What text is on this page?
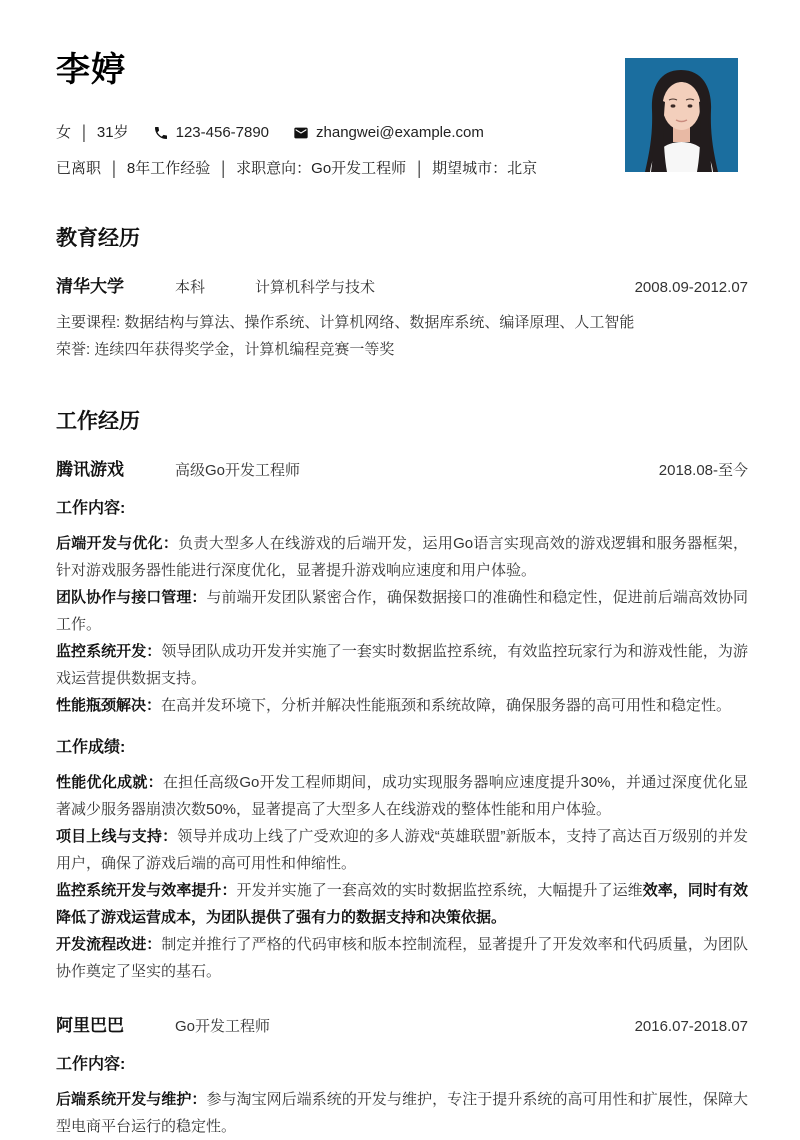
李婷
女 | 31岁	123-456-7890	zhangwei@example.com
已离职 | 8年工作经验 | 求职意向：Go开发工程师 | 期望城市：北京
教育经历
清华大学	本科	计算机科学与技术	2008.09-2012.07

主要课程: 数据结构与算法、操作系统、计算机网络、数据库系统、编译原理、人工智能

荣誉: 连续四年获得奖学金，计算机编程竞赛一等奖

工作经历
腾讯游戏	高级Go开发工程师	2018.08-至今
工作内容:

后端开发与优化：负责大型多人在线游戏的后端开发，运用Go语言实现高效的游戏逻辑和服务器框架，针对游戏服务器性能进行深度优化，显著提升游戏响应速度和用户体验。

团队协作与接口管理：与前端开发团队紧密合作，确保数据接口的准确性和稳定性，促进前后端高效协同工作。

监控系统开发：领导团队成功开发并实施了一套实时数据监控系统，有效监控玩家行为和游戏性能，为游戏运营提供数据支持。

性能瓶颈解决：在高并发环境下，分析并解决性能瓶颈和系统故障，确保服务器的高可用性和稳定性。

工作成绩:

性能优化成就：在担任高级Go开发工程师期间，成功实现服务器响应速度提升30%，并通过深度优化显著减少服务器崩溃次数50%，显著提高了大型多人在线游戏的整体性能和用户体验。

项目上线与支持：领导并成功上线了广受欢迎的多人游戏“英雄联盟”新版本，支持了高达百万级别的并发用户，确保了游戏后端的高可用性和伸缩性。

监控系统开发与效率提升：开发并实施了一套高效的实时数据监控系统，大幅提升了运维效率，同时有效降低了游戏运营成本，为团队提供了强有力的数据支持和决策依据。

开发流程改进：制定并推行了严格的代码审核和版本控制流程，显著提升了开发效率和代码质量，为团队协作奠定了坚实的基石。

阿里巴巴	Go开发工程师	2016.07-2018.07
工作内容:

后端系统开发与维护：参与淘宝网后端系统的开发与维护，专注于提升系统的高可用性和扩展性，保障大型电商平台运行的稳定性。
